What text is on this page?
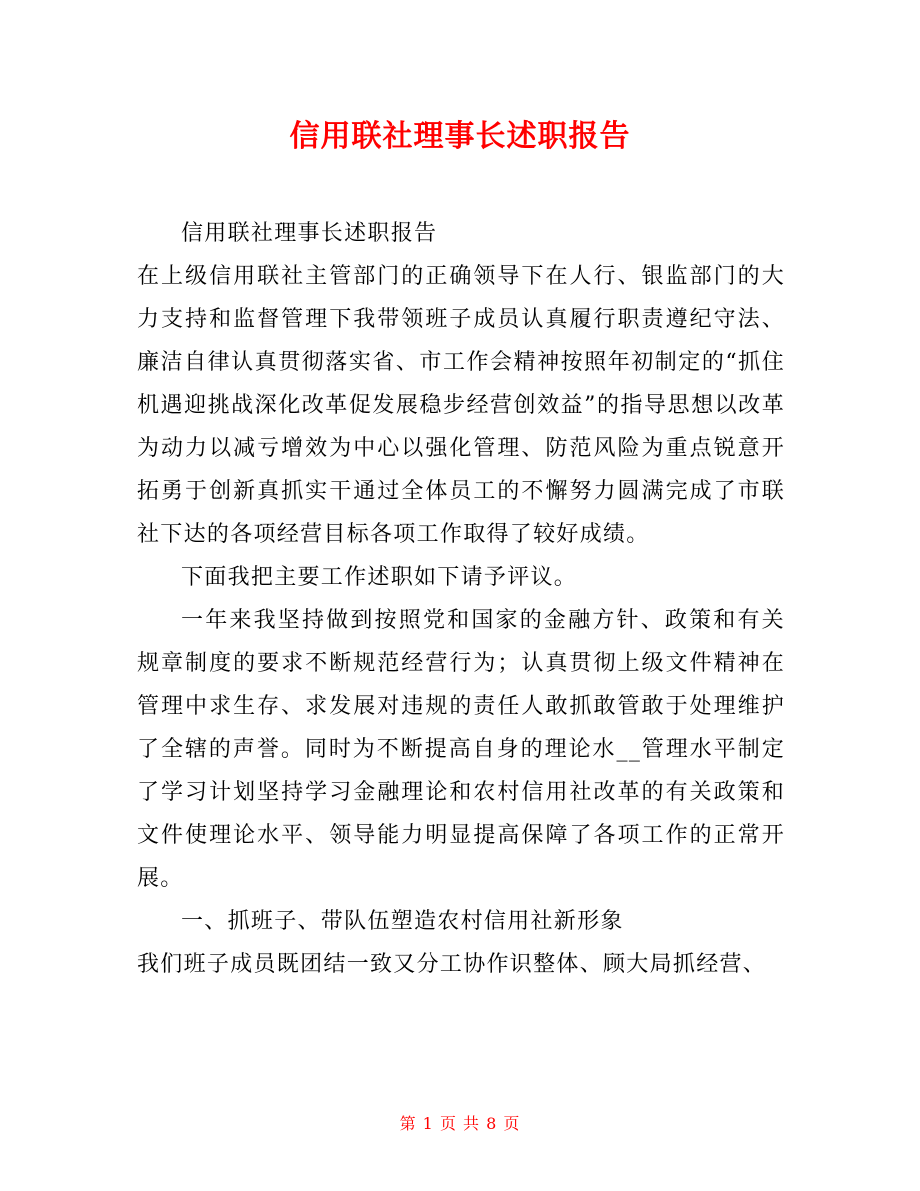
信用联社理事长述职报告

信用联社理事长述职报告

在上级信用联社主管部门的正确领导下在人行、银监部门的大力支持和监督管理下我带领班子成员认真履行职责遵纪守法、廉洁自律认真贯彻落实省、市工作会精神按照年初制定的“抓住机遇迎挑战深化改革促发展稳步经营创效益”的指导思想以改革为动力以减亏增效为中心以强化管理、防范风险为重点锐意开拓勇于创新真抓实干通过全体员工的不懈努力圆满完成了市联社下达的各项经营目标各项工作取得了较好成绩。

下面我把主要工作述职如下请予评议。

一年来我坚持做到按照党和国家的金融方针、政策和有关规章制度的要求不断规范经营行为；认真贯彻上级文件精神在管理中求生存、求发展对违规的责任人敢抓敢管敢于处理维护了全辖的声誉。同时为不断提高自身的理论水__管理水平制定了学习计划坚持学习金融理论和农村信用社改革的有关政策和文件使理论水平、领导能力明显提高保障了各项工作的正常开展。

一、抓班子、带队伍塑造农村信用社新形象

我们班子成员既团结一致又分工协作识整体、顾大局抓经营、

第 1 页 共 8 页
